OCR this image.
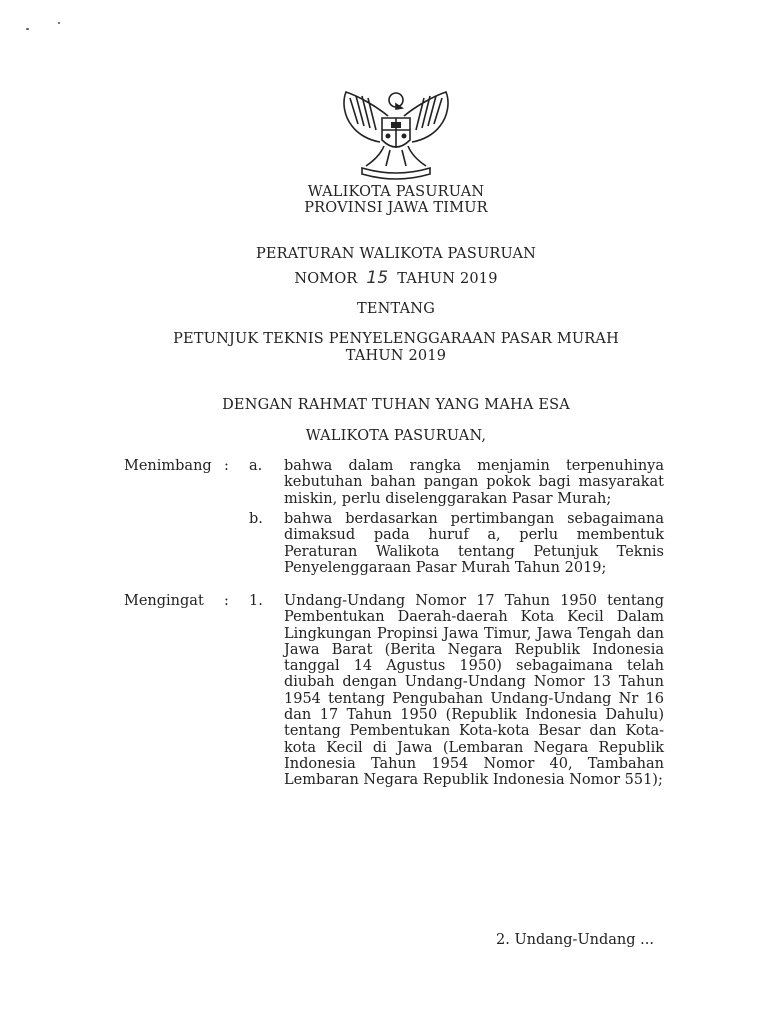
WALIKOTA PASURUAN
PROVINSI JAWA TIMUR
PERATURAN WALIKOTA PASURUAN
NOMOR 15 TAHUN 2019
TENTANG
PETUNJUK TEKNIS PENYELENGGARAAN PASAR MURAH
TAHUN 2019
DENGAN RAHMAT TUHAN YANG MAHA ESA
WALIKOTA PASURUAN,
Menimbang : a. bahwa dalam rangka menjamin terpenuhinya kebutuhan bahan pangan pokok bagi masyarakat miskin, perlu diselenggarakan Pasar Murah;
b. bahwa berdasarkan pertimbangan sebagaimana dimaksud pada huruf a, perlu membentuk Peraturan Walikota tentang Petunjuk Teknis Penyelenggaraan Pasar Murah Tahun 2019;
Mengingat : 1. Undang-Undang Nomor 17 Tahun 1950 tentang Pembentukan Daerah-daerah Kota Kecil Dalam Lingkungan Propinsi Jawa Timur, Jawa Tengah dan Jawa Barat (Berita Negara Republik Indonesia tanggal 14 Agustus 1950) sebagaimana telah diubah dengan Undang-Undang Nomor 13 Tahun 1954 tentang Pengubahan Undang-Undang Nr 16 dan 17 Tahun 1950 (Republik Indonesia Dahulu) tentang Pembentukan Kota-kota Besar dan Kota-kota Kecil di Jawa (Lembaran Negara Republik Indonesia Tahun 1954 Nomor 40, Tambahan Lembaran Negara Republik Indonesia Nomor 551);
2. Undang-Undang ...
